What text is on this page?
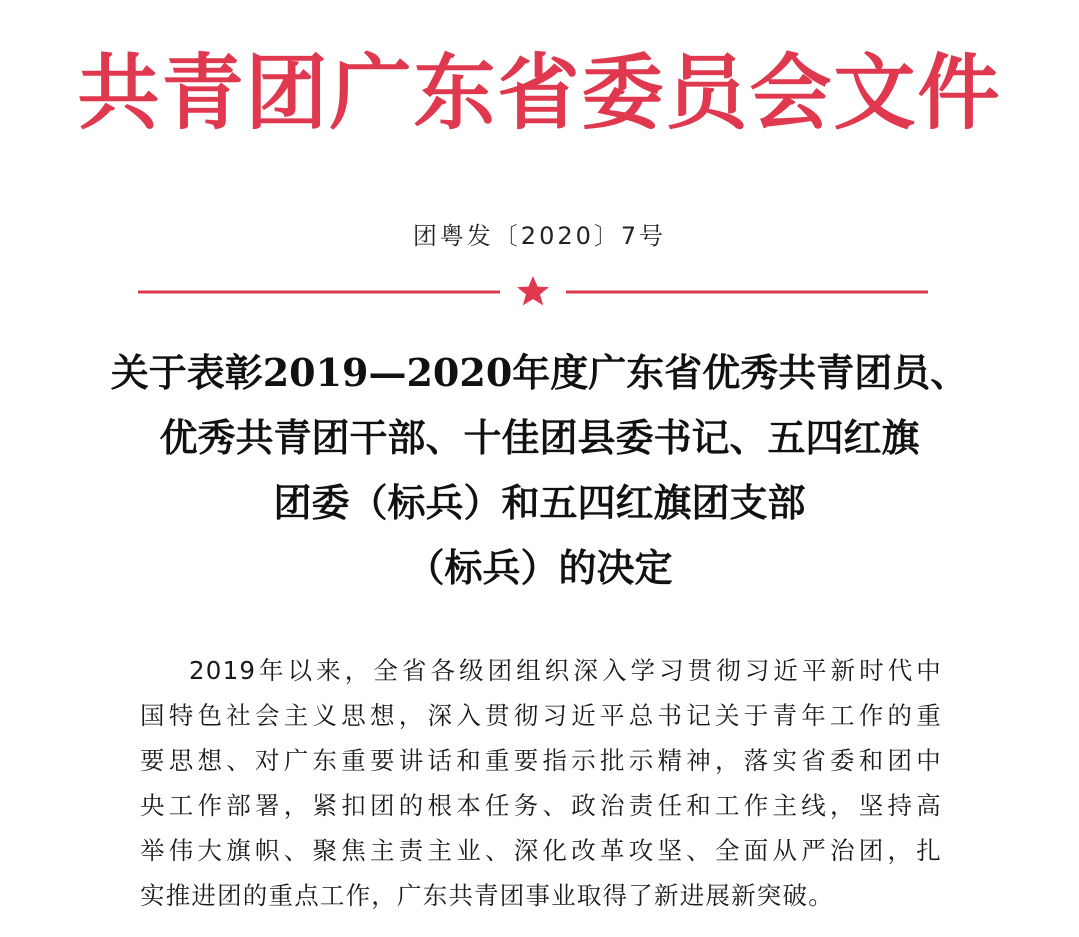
共青团广东省委员会文件
团粤发〔2020〕7号
关于表彰2019—2020年度广东省优秀共青团员、
优秀共青团干部、十佳团县委书记、五四红旗
团委（标兵）和五四红旗团支部
（标兵）的决定
2019年以来，全省各级团组织深入学习贯彻习近平新时代中
国特色社会主义思想，深入贯彻习近平总书记关于青年工作的重
要思想、对广东重要讲话和重要指示批示精神，落实省委和团中
央工作部署，紧扣团的根本任务、政治责任和工作主线，坚持高
举伟大旗帜、聚焦主责主业、深化改革攻坚、全面从严治团，扎
实推进团的重点工作，广东共青团事业取得了新进展新突破。
